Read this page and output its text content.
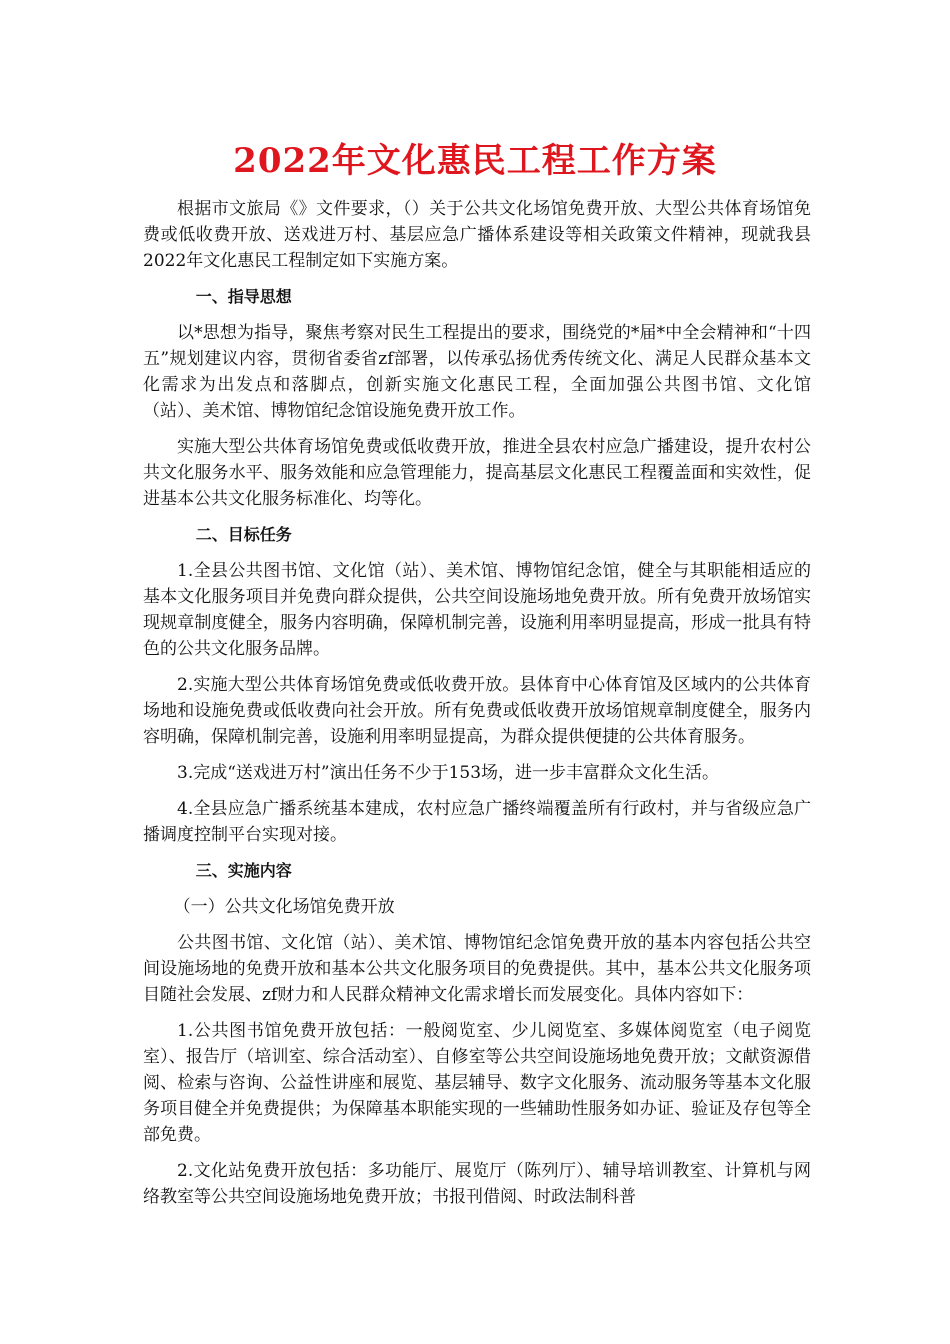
2022年文化惠民工程工作方案

根据市文旅局《》文件要求，（）关于公共文化场馆免费开放、大型公共体育场馆免费或低收费开放、送戏进万村、基层应急广播体系建设等相关政策文件精神，现就我县2022年文化惠民工程制定如下实施方案。

一、指导思想

以*思想为指导，聚焦考察对民生工程提出的要求，围绕党的*届*中全会精神和“十四五”规划建议内容，贯彻省委省zf部署，以传承弘扬优秀传统文化、满足人民群众基本文化需求为出发点和落脚点，创新实施文化惠民工程，全面加强公共图书馆、文化馆（站）、美术馆、博物馆纪念馆设施免费开放工作。

实施大型公共体育场馆免费或低收费开放，推进全县农村应急广播建设，提升农村公共文化服务水平、服务效能和应急管理能力，提高基层文化惠民工程覆盖面和实效性，促进基本公共文化服务标准化、均等化。

二、目标任务

1.全县公共图书馆、文化馆（站）、美术馆、博物馆纪念馆，健全与其职能相适应的基本文化服务项目并免费向群众提供，公共空间设施场地免费开放。所有免费开放场馆实现规章制度健全，服务内容明确，保障机制完善，设施利用率明显提高，形成一批具有特色的公共文化服务品牌。

2.实施大型公共体育场馆免费或低收费开放。县体育中心体育馆及区域内的公共体育场地和设施免费或低收费向社会开放。所有免费或低收费开放场馆规章制度健全，服务内容明确，保障机制完善，设施利用率明显提高，为群众提供便捷的公共体育服务。

3.完成“送戏进万村”演出任务不少于153场，进一步丰富群众文化生活。

4.全县应急广播系统基本建成，农村应急广播终端覆盖所有行政村，并与省级应急广播调度控制平台实现对接。

三、实施内容

（一）公共文化场馆免费开放

公共图书馆、文化馆（站）、美术馆、博物馆纪念馆免费开放的基本内容包括公共空间设施场地的免费开放和基本公共文化服务项目的免费提供。其中，基本公共文化服务项目随社会发展、zf财力和人民群众精神文化需求增长而发展变化。具体内容如下：

1.公共图书馆免费开放包括：一般阅览室、少儿阅览室、多媒体阅览室（电子阅览室）、报告厅（培训室、综合活动室）、自修室等公共空间设施场地免费开放；文献资源借阅、检索与咨询、公益性讲座和展览、基层辅导、数字文化服务、流动服务等基本文化服务项目健全并免费提供；为保障基本职能实现的一些辅助性服务如办证、验证及存包等全部免费。

2.文化站免费开放包括：多功能厅、展览厅（陈列厅）、辅导培训教室、计算机与网络教室等公共空间设施场地免费开放；书报刊借阅、时政法制科普
